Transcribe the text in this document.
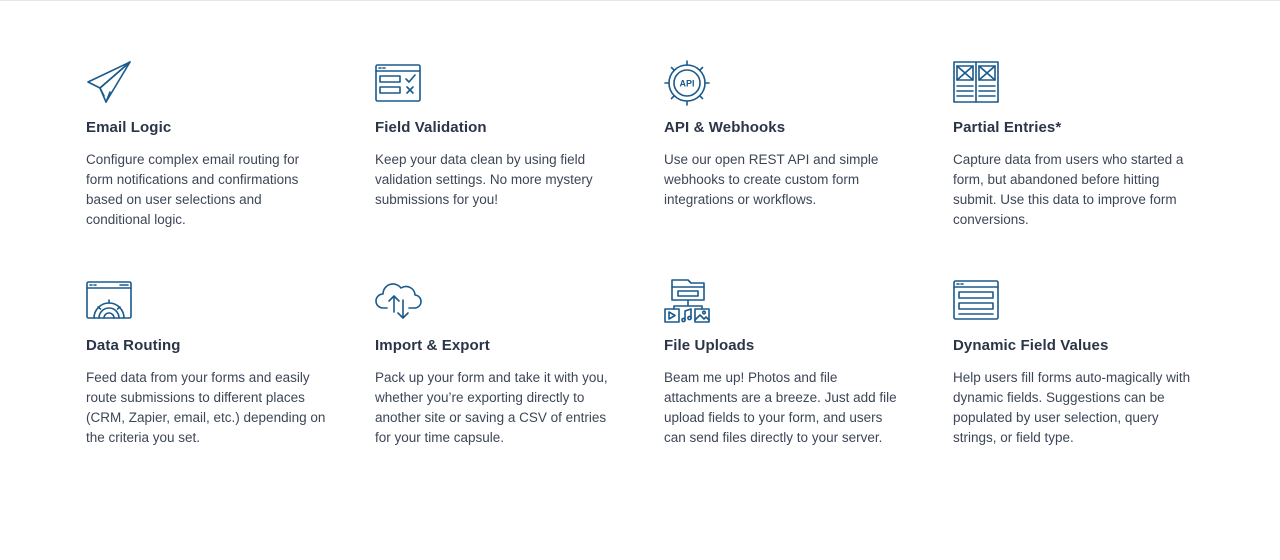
Email Logic

Configure complex email routing for form notifications and confirmations based on user selections and conditional logic.

Field Validation

Keep your data clean by using field validation settings. No more mystery submissions for you!

API
API & Webhooks

Use our open REST API and simple webhooks to create custom form integrations or workflows.

Partial Entries*

Capture data from users who started a form, but abandoned before hitting submit. Use this data to improve form conversions.

Data Routing

Feed data from your forms and easily route submissions to different places (CRM, Zapier, email, etc.) depending on the criteria you set.

Import & Export

Pack up your form and take it with you, whether you’re exporting directly to another site or saving a CSV of entries for your time capsule.

File Uploads

Beam me up! Photos and file attachments are a breeze. Just add file upload fields to your form, and users can send files directly to your server.

Dynamic Field Values

Help users fill forms auto-magically with dynamic fields. Suggestions can be populated by user selection, query strings, or field type.
